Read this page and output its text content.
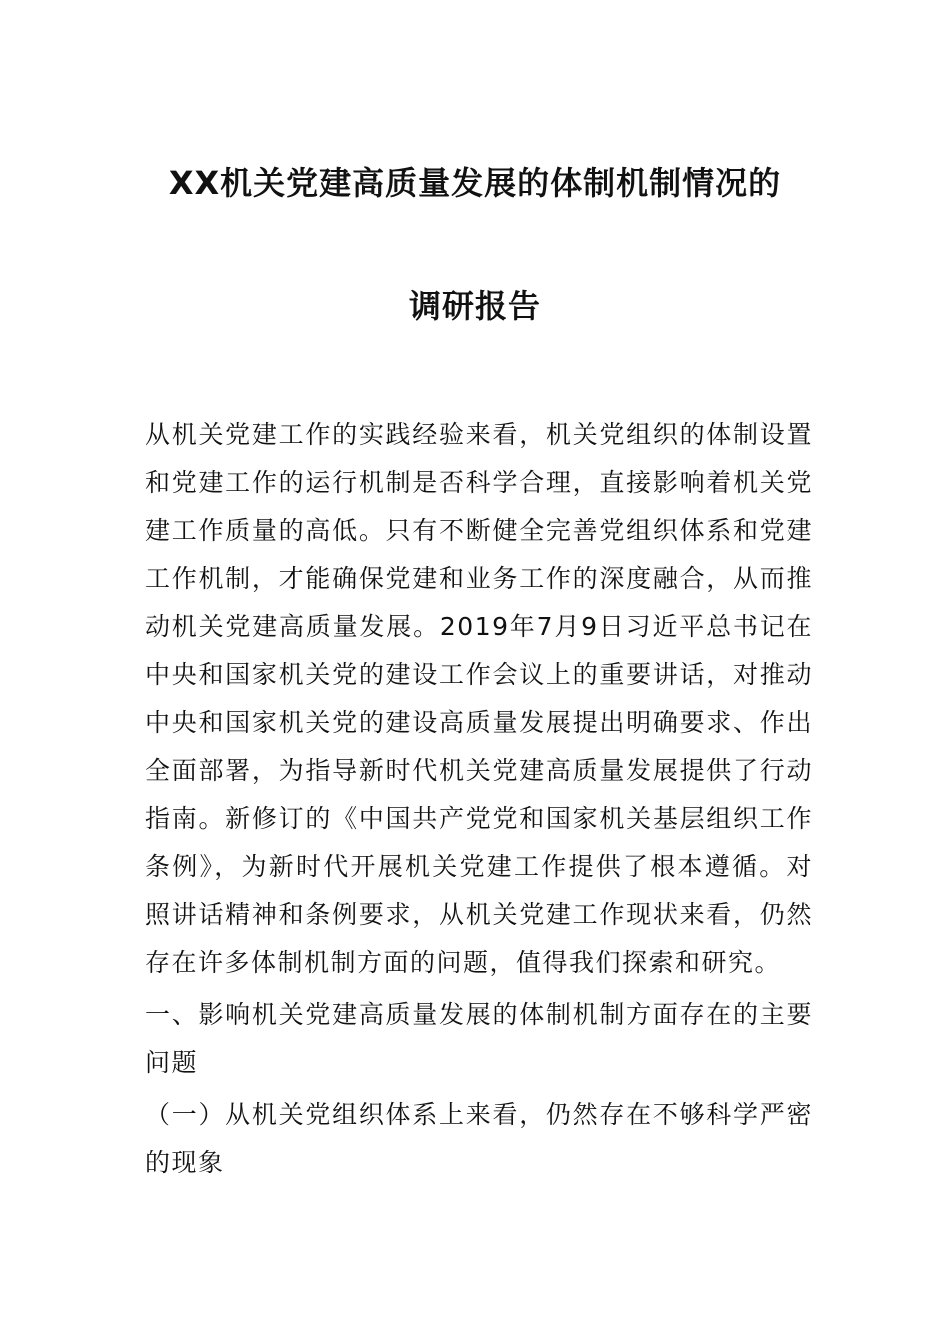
XX机关党建高质量发展的体制机制情况的
调研报告

从机关党建工作的实践经验来看，机关党组织的体制设置和党建工作的运行机制是否科学合理，直接影响着机关党建工作质量的高低。只有不断健全完善党组织体系和党建工作机制，才能确保党建和业务工作的深度融合，从而推动机关党建高质量发展。2019年7月9日习近平总书记在中央和国家机关党的建设工作会议上的重要讲话，对推动中央和国家机关党的建设高质量发展提出明确要求、作出全面部署，为指导新时代机关党建高质量发展提供了行动指南。新修订的《中国共产党党和国家机关基层组织工作条例》，为新时代开展机关党建工作提供了根本遵循。对照讲话精神和条例要求，从机关党建工作现状来看，仍然存在许多体制机制方面的问题，值得我们探索和研究。

一、影响机关党建高质量发展的体制机制方面存在的主要问题

（一）从机关党组织体系上来看，仍然存在不够科学严密的现象
